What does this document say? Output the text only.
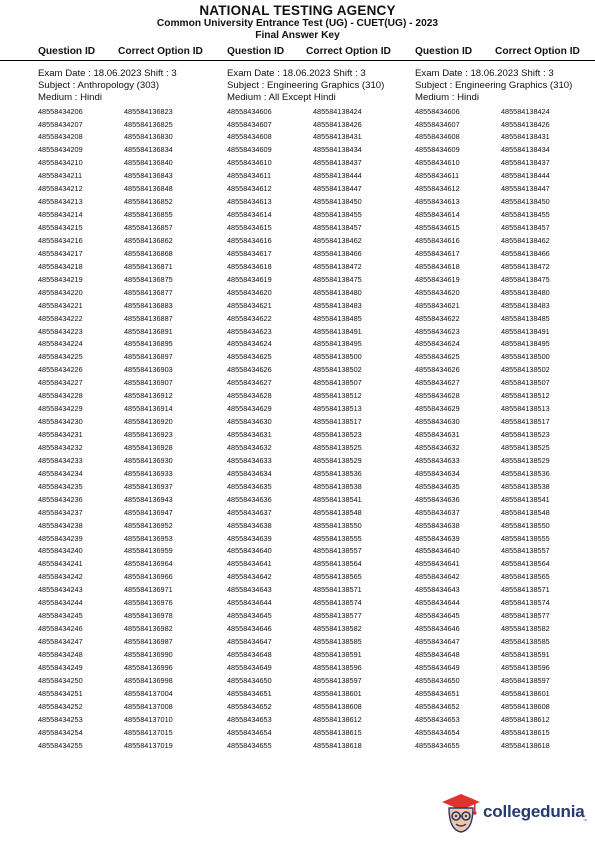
NATIONAL TESTING AGENCY
Common University Entrance Test (UG) - CUET(UG) - 2023
Final Answer Key
Question ID Correct Option ID Question ID Correct Option ID Question ID Correct Option ID
Exam Date : 18.06.2023 Shift : 3
Subject : Anthropology (303)
Medium : Hindi
48558434206	485584136823
48558434207	485584136825
48558434208	485584136830
48558434209	485584136834
48558434210	485584136840
48558434211	485584136843
48558434212	485584136848
48558434213	485584136852
48558434214	485584136855
48558434215	485584136857
48558434216	485584136862
48558434217	485584136868
48558434218	485584136871
48558434219	485584136875
48558434220	485584136877
48558434221	485584136883
48558434222	485584136887
48558434223	485584136891
48558434224	485584136895
48558434225	485584136897
48558434226	485584136903
48558434227	485584136907
48558434228	485584136912
48558434229	485584136914
48558434230	485584136920
48558434231	485584136923
48558434232	485584136928
48558434233	485584136930
48558434234	485584136933
48558434235	485584136937
48558434236	485584136943
48558434237	485584136947
48558434238	485584136952
48558434239	485584136953
48558434240	485584136959
48558434241	485584136964
48558434242	485584136966
48558434243	485584136971
48558434244	485584136976
48558434245	485584136978
48558434246	485584136982
48558434247	485584136987
48558434248	485584136990
48558434249	485584136996
48558434250	485584136998
48558434251	485584137004
48558434252	485584137008
48558434253	485584137010
48558434254	485584137015
48558434255	485584137019
Exam Date : 18.06.2023 Shift : 3
Subject : Engineering Graphics (310)
Medium : All Except Hindi
48558434606	485584138424
48558434607	485584138426
48558434608	485584138431
48558434609	485584138434
48558434610	485584138437
48558434611	485584138444
48558434612	485584138447
48558434613	485584138450
48558434614	485584138455
48558434615	485584138457
48558434616	485584138462
48558434617	485584138466
48558434618	485584138472
48558434619	485584138475
48558434620	485584138480
48558434621	485584138483
48558434622	485584138485
48558434623	485584138491
48558434624	485584138495
48558434625	485584138500
48558434626	485584138502
48558434627	485584138507
48558434628	485584138512
48558434629	485584138513
48558434630	485584138517
48558434631	485584138523
48558434632	485584138525
48558434633	485584138529
48558434634	485584138536
48558434635	485584138538
48558434636	485584138541
48558434637	485584138548
48558434638	485584138550
48558434639	485584138555
48558434640	485584138557
48558434641	485584138564
48558434642	485584138565
48558434643	485584138571
48558434644	485584138574
48558434645	485584138577
48558434646	485584138582
48558434647	485584138585
48558434648	485584138591
48558434649	485584138596
48558434650	485584138597
48558434651	485584138601
48558434652	485584138608
48558434653	485584138612
48558434654	485584138615
48558434655	485584138618
Exam Date : 18.06.2023 Shift : 3
Subject : Engineering Graphics (310)
Medium : Hindi
48558434606	485584138424
48558434607	485584138426
48558434608	485584138431
48558434609	485584138434
48558434610	485584138437
48558434611	485584138444
48558434612	485584138447
48558434613	485584138450
48558434614	485584138455
48558434615	485584138457
48558434616	485584138462
48558434617	485584138466
48558434618	485584138472
48558434619	485584138475
48558434620	485584138480
48558434621	485584138483
48558434622	485584138485
48558434623	485584138491
48558434624	485584138495
48558434625	485584138500
48558434626	485584138502
48558434627	485584138507
48558434628	485584138512
48558434629	485584138513
48558434630	485584138517
48558434631	485584138523
48558434632	485584138525
48558434633	485584138529
48558434634	485584138536
48558434635	485584138538
48558434636	485584138541
48558434637	485584138548
48558434638	485584138550
48558434639	485584138555
48558434640	485584138557
48558434641	485584138564
48558434642	485584138565
48558434643	485584138571
48558434644	485584138574
48558434645	485584138577
48558434646	485584138582
48558434647	485584138585
48558434648	485584138591
48558434649	485584138596
48558434650	485584138597
48558434651	485584138601
48558434652	485584138608
48558434653	485584138612
48558434654	485584138615
48558434655	485584138618
collegedunia
™
